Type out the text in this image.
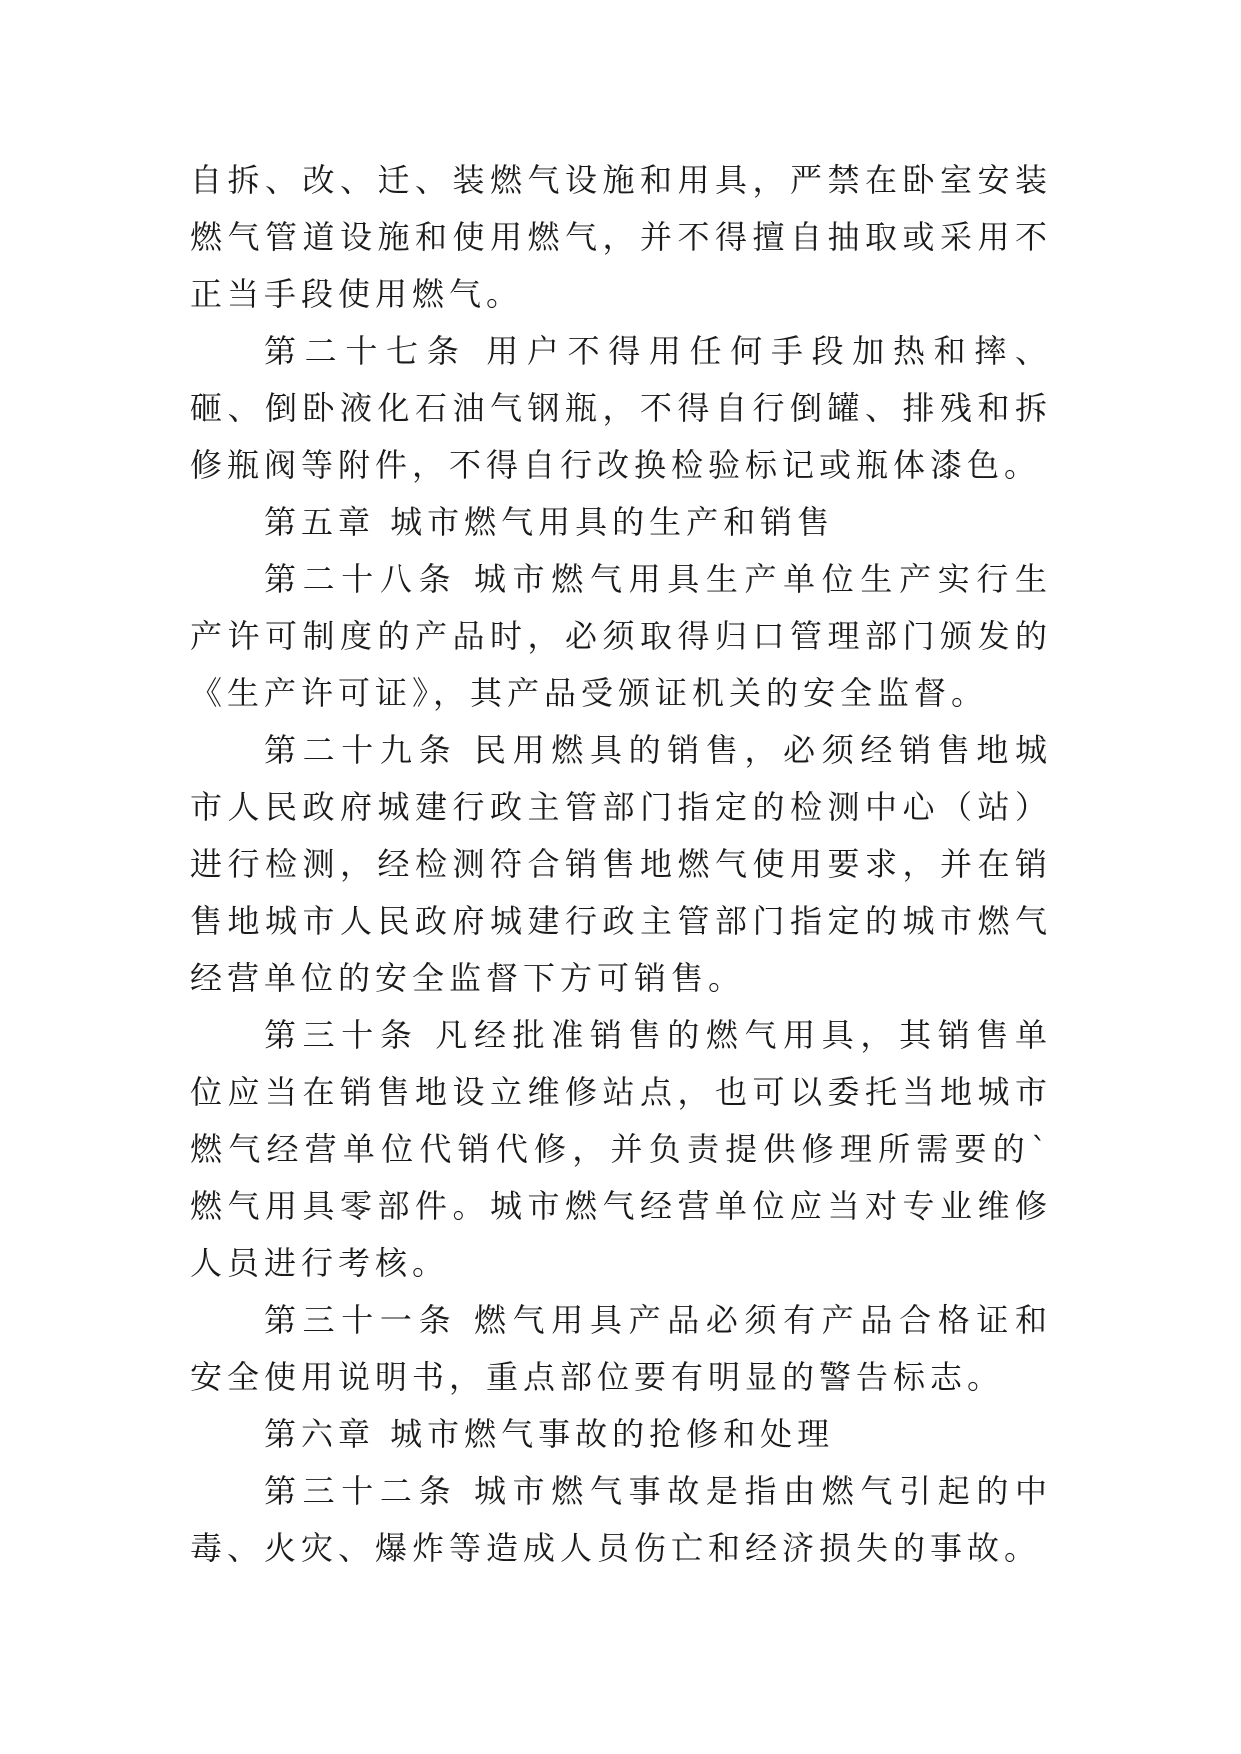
自拆、改、迁、装燃气设施和用具，严禁在卧室安装燃气管道设施和使用燃气，并不得擅自抽取或采用不正当手段使用燃气。

第二十七条 用户不得用任何手段加热和摔、砸、倒卧液化石油气钢瓶，不得自行倒罐、排残和拆修瓶阀等附件，不得自行改换检验标记或瓶体漆色。

第五章 城市燃气用具的生产和销售

第二十八条 城市燃气用具生产单位生产实行生产许可制度的产品时，必须取得归口管理部门颁发的《生产许可证》，其产品受颁证机关的安全监督。

第二十九条 民用燃具的销售，必须经销售地城市人民政府城建行政主管部门指定的检测中心（站）进行检测，经检测符合销售地燃气使用要求，并在销售地城市人民政府城建行政主管部门指定的城市燃气经营单位的安全监督下方可销售。

第三十条 凡经批准销售的燃气用具，其销售单位应当在销售地设立维修站点，也可以委托当地城市燃气经营单位代销代修，并负责提供修理所需要的`燃气用具零部件。城市燃气经营单位应当对专业维修人员进行考核。

第三十一条 燃气用具产品必须有产品合格证和安全使用说明书，重点部位要有明显的警告标志。

第六章 城市燃气事故的抢修和处理

第三十二条 城市燃气事故是指由燃气引起的中毒、火灾、爆炸等造成人员伤亡和经济损失的事故。
